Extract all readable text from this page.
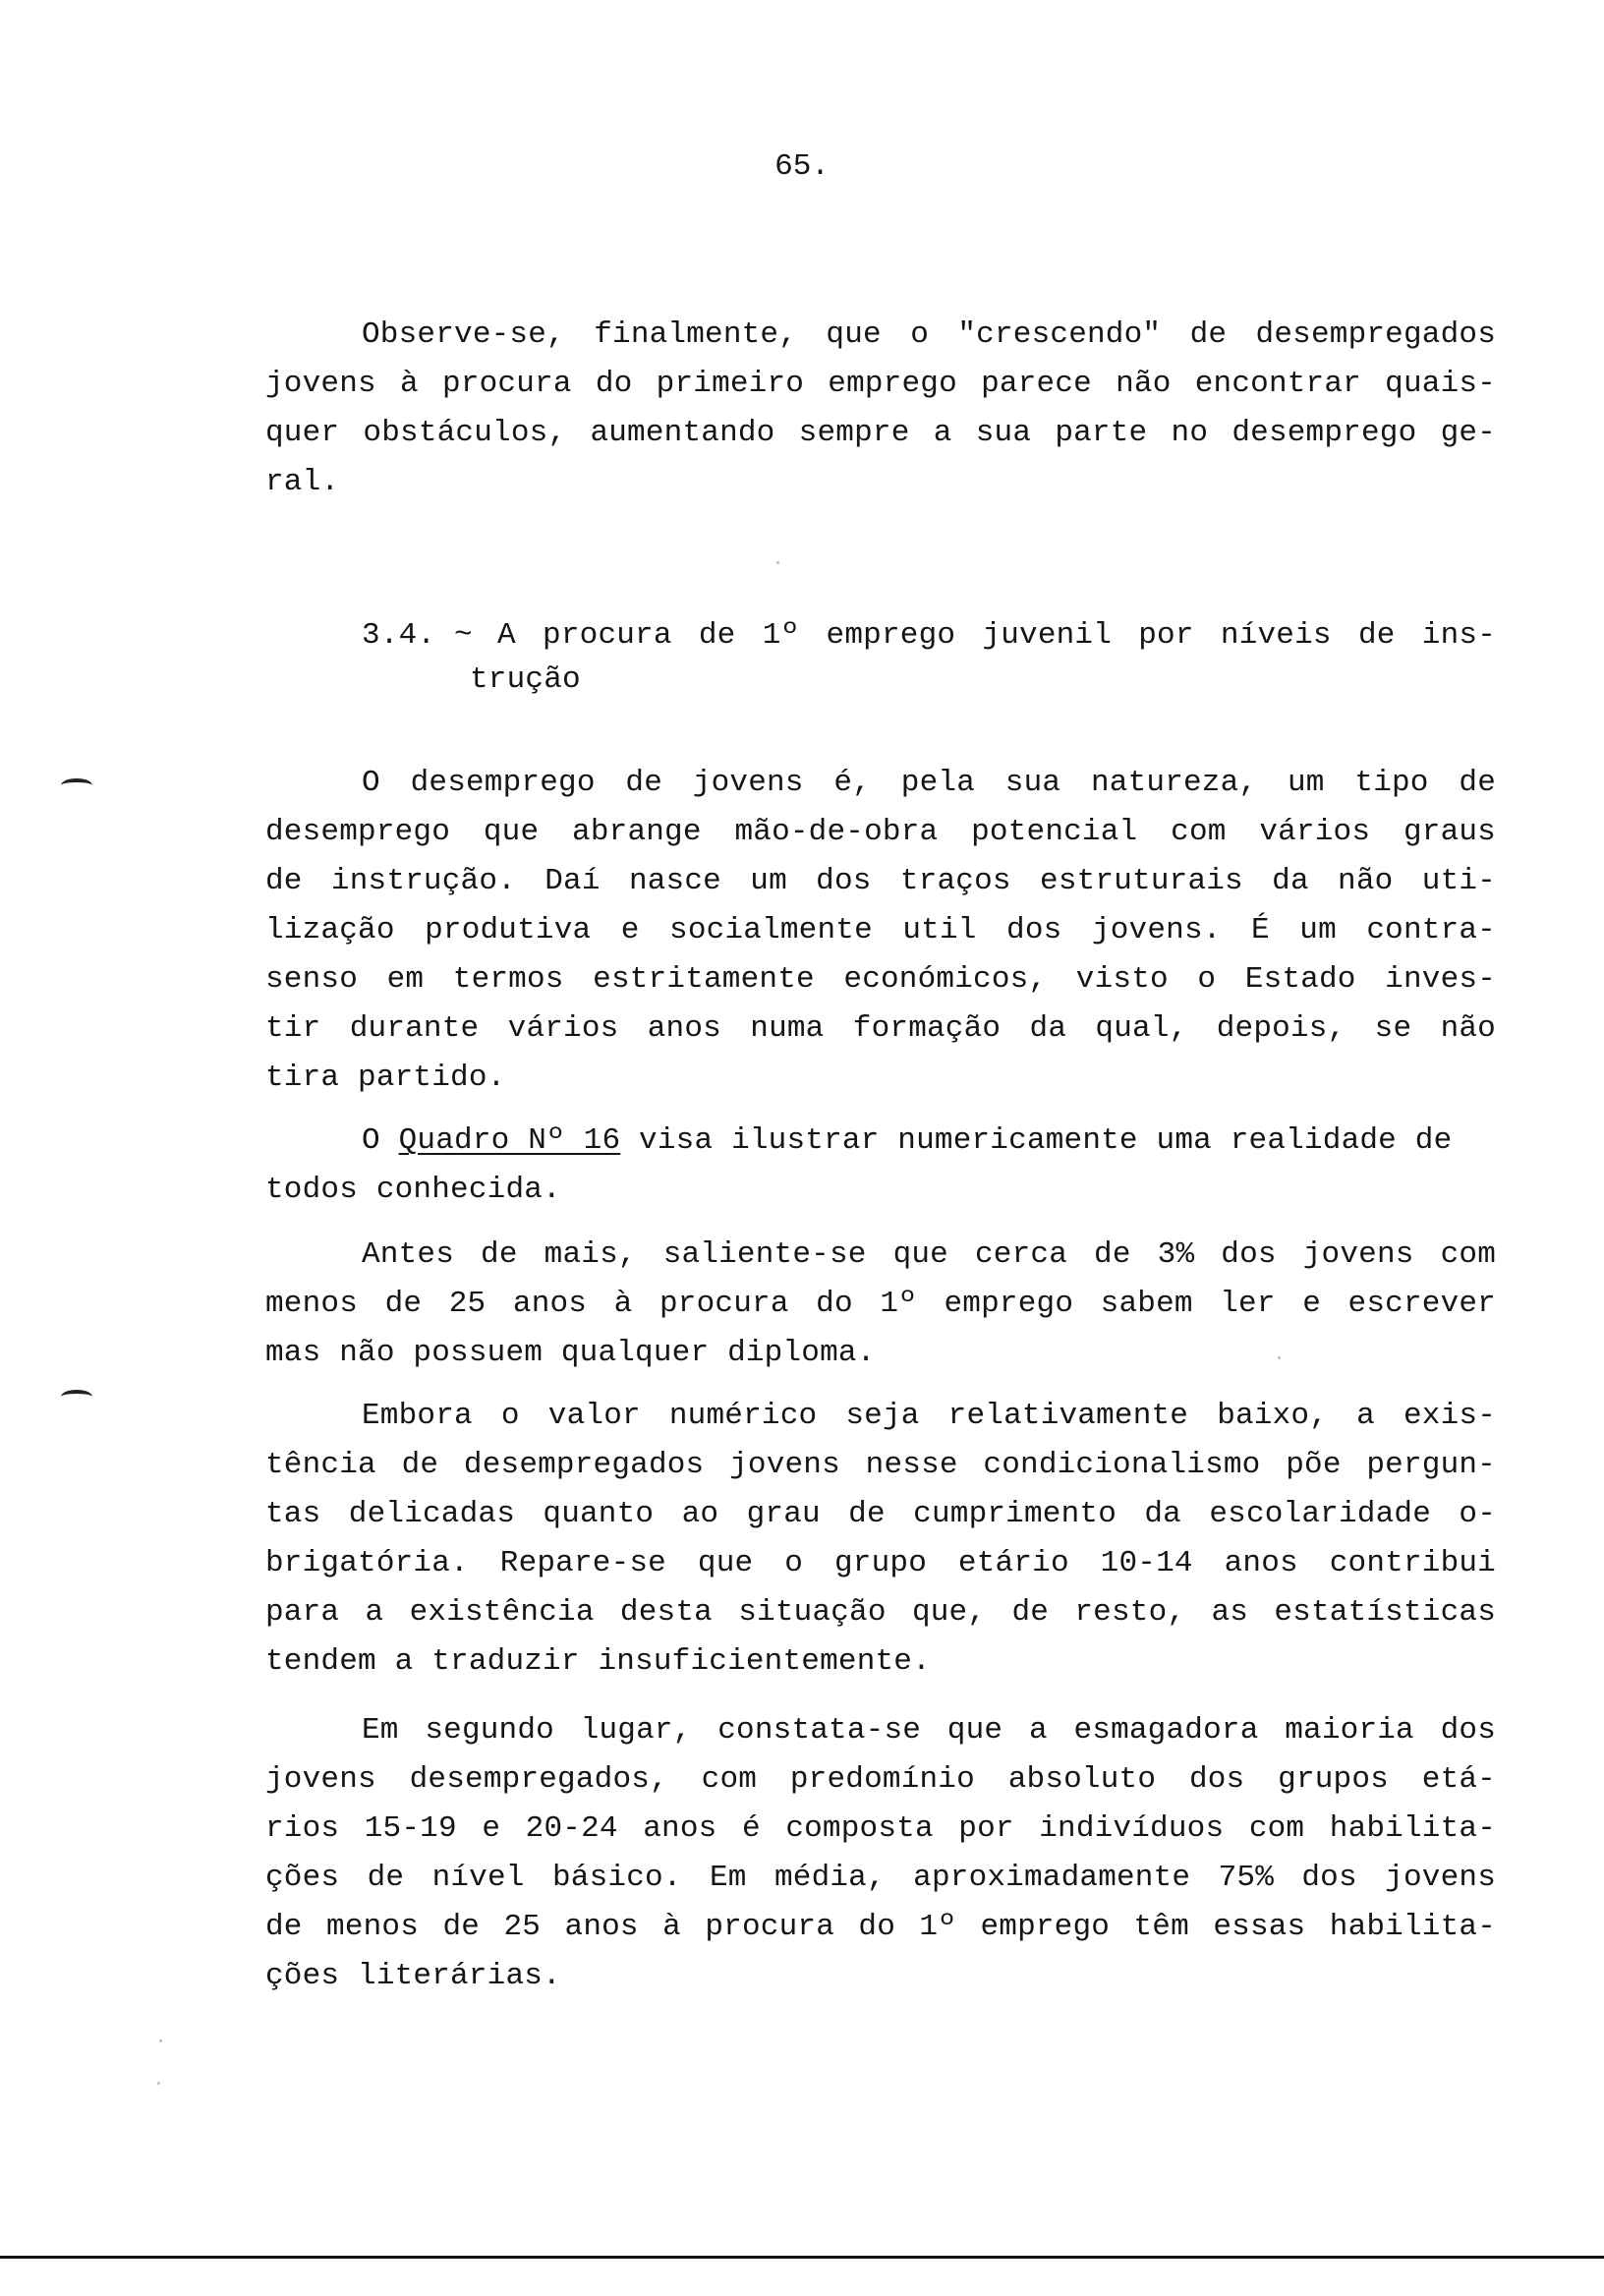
65.
Observe-se, finalmente, que o "crescendo" de desempregados
jovens à procura do primeiro emprego parece não encontrar quais-
quer obstáculos, aumentando sempre a sua parte no desemprego ge-
ral.
3.4. ~ A procura de 1º emprego juvenil por níveis de ins-
trução
O desemprego de jovens é, pela sua natureza, um tipo de
desemprego que abrange mão-de-obra potencial com vários graus
de instrução. Daí nasce um dos traços estruturais da não uti-
lização produtiva e socialmente util dos jovens. É um contra-
senso em termos estritamente económicos, visto o Estado inves-
tir durante vários anos numa formação da qual, depois, se não
tira partido.
O Quadro Nº 16 visa ilustrar numericamente uma realidade de
todos conhecida.
Antes de mais, saliente-se que cerca de 3% dos jovens com
menos de 25 anos à procura do 1º emprego sabem ler e escrever
mas não possuem qualquer diploma.
Embora o valor numérico seja relativamente baixo, a exis-
tência de desempregados jovens nesse condicionalismo põe pergun-
tas delicadas quanto ao grau de cumprimento da escolaridade o-
brigatória. Repare-se que o grupo etário 10-14 anos contribui
para a existência desta situação que, de resto, as estatísticas
tendem a traduzir insuficientemente.
Em segundo lugar, constata-se que a esmagadora maioria dos
jovens desempregados, com predomínio absoluto dos grupos etá-
rios 15-19 e 20-24 anos é composta por indivíduos com habilita-
ções de nível básico. Em média, aproximadamente 75% dos jovens
de menos de 25 anos à procura do 1º emprego têm essas habilita-
ções literárias.
